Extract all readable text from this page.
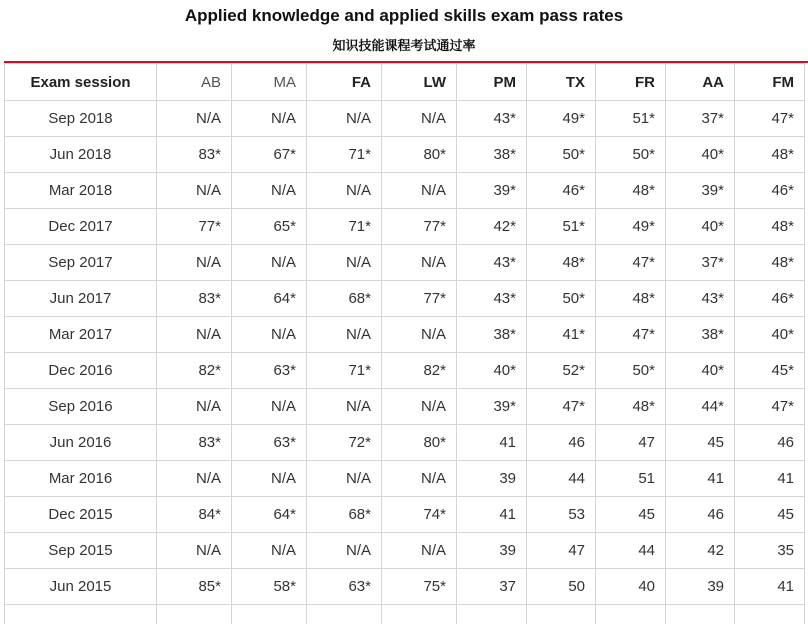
Applied knowledge and applied skills exam pass rates
知识技能课程考试通过率
Exam session	AB	MA	FA	LW	PM	TX	FR	AA	FM
Sep 2018	N/A	N/A	N/A	N/A	43*	49*	51*	37*	47*
Jun 2018	83*	67*	71*	80*	38*	50*	50*	40*	48*
Mar 2018	N/A	N/A	N/A	N/A	39*	46*	48*	39*	46*
Dec 2017	77*	65*	71*	77*	42*	51*	49*	40*	48*
Sep 2017	N/A	N/A	N/A	N/A	43*	48*	47*	37*	48*
Jun 2017	83*	64*	68*	77*	43*	50*	48*	43*	46*
Mar 2017	N/A	N/A	N/A	N/A	38*	41*	47*	38*	40*
Dec 2016	82*	63*	71*	82*	40*	52*	50*	40*	45*
Sep 2016	N/A	N/A	N/A	N/A	39*	47*	48*	44*	47*
Jun 2016	83*	63*	72*	80*	41	46	47	45	46
Mar 2016	N/A	N/A	N/A	N/A	39	44	51	41	41
Dec 2015	84*	64*	68*	74*	41	53	45	46	45
Sep 2015	N/A	N/A	N/A	N/A	39	47	44	42	35
Jun 2015	85*	58*	63*	75*	37	50	40	39	41
